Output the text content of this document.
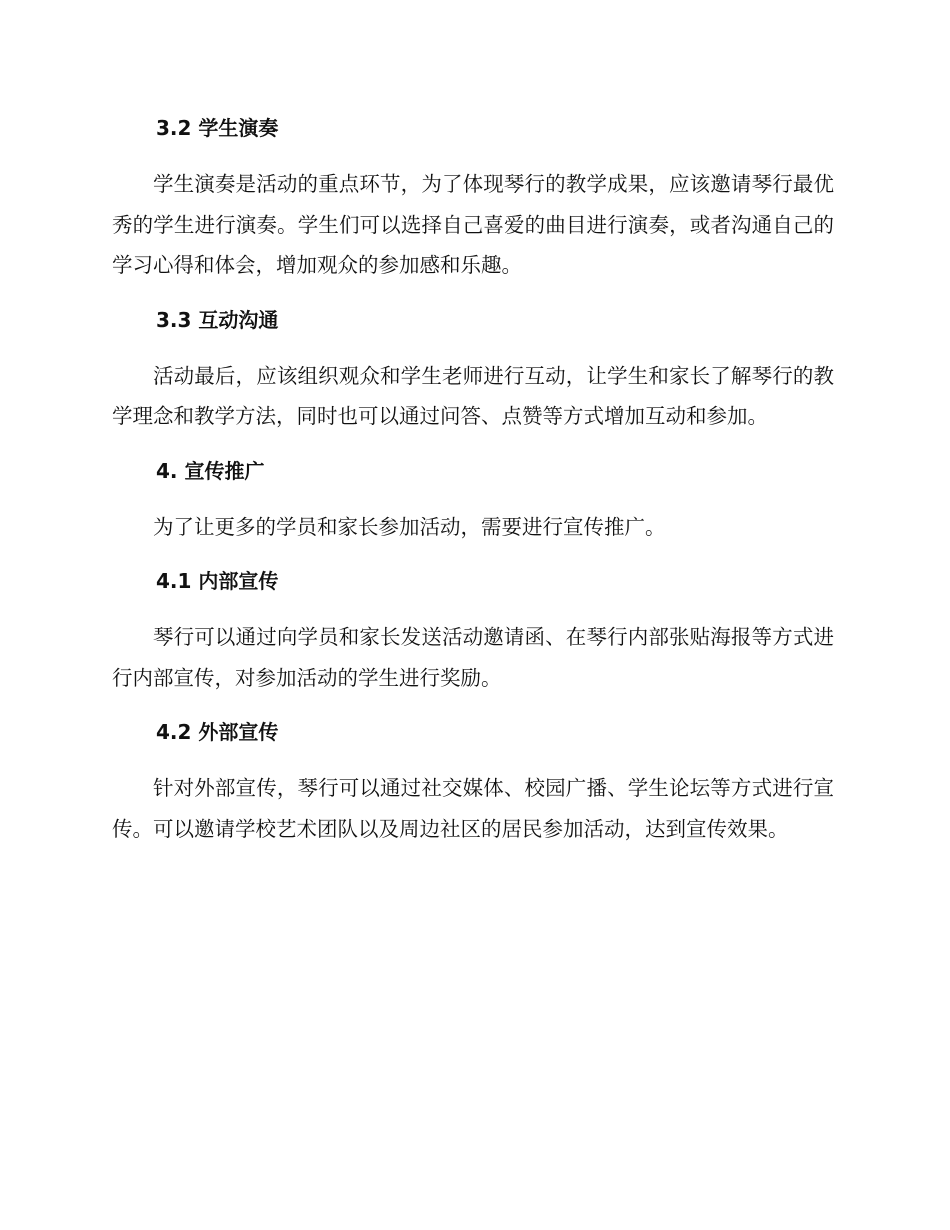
3.2 学生演奏

学生演奏是活动的重点环节，为了体现琴行的教学成果，应该邀请琴行最优秀的学生进行演奏。学生们可以选择自己喜爱的曲目进行演奏，或者沟通自己的学习心得和体会，增加观众的参加感和乐趣。

3.3 互动沟通

活动最后，应该组织观众和学生老师进行互动，让学生和家长了解琴行的教学理念和教学方法，同时也可以通过问答、点赞等方式增加互动和参加。

4. 宣传推广

为了让更多的学员和家长参加活动，需要进行宣传推广。

4.1 内部宣传

琴行可以通过向学员和家长发送活动邀请函、在琴行内部张贴海报等方式进行内部宣传，对参加活动的学生进行奖励。

4.2 外部宣传

针对外部宣传，琴行可以通过社交媒体、校园广播、学生论坛等方式进行宣传。可以邀请学校艺术团队以及周边社区的居民参加活动，达到宣传效果。
